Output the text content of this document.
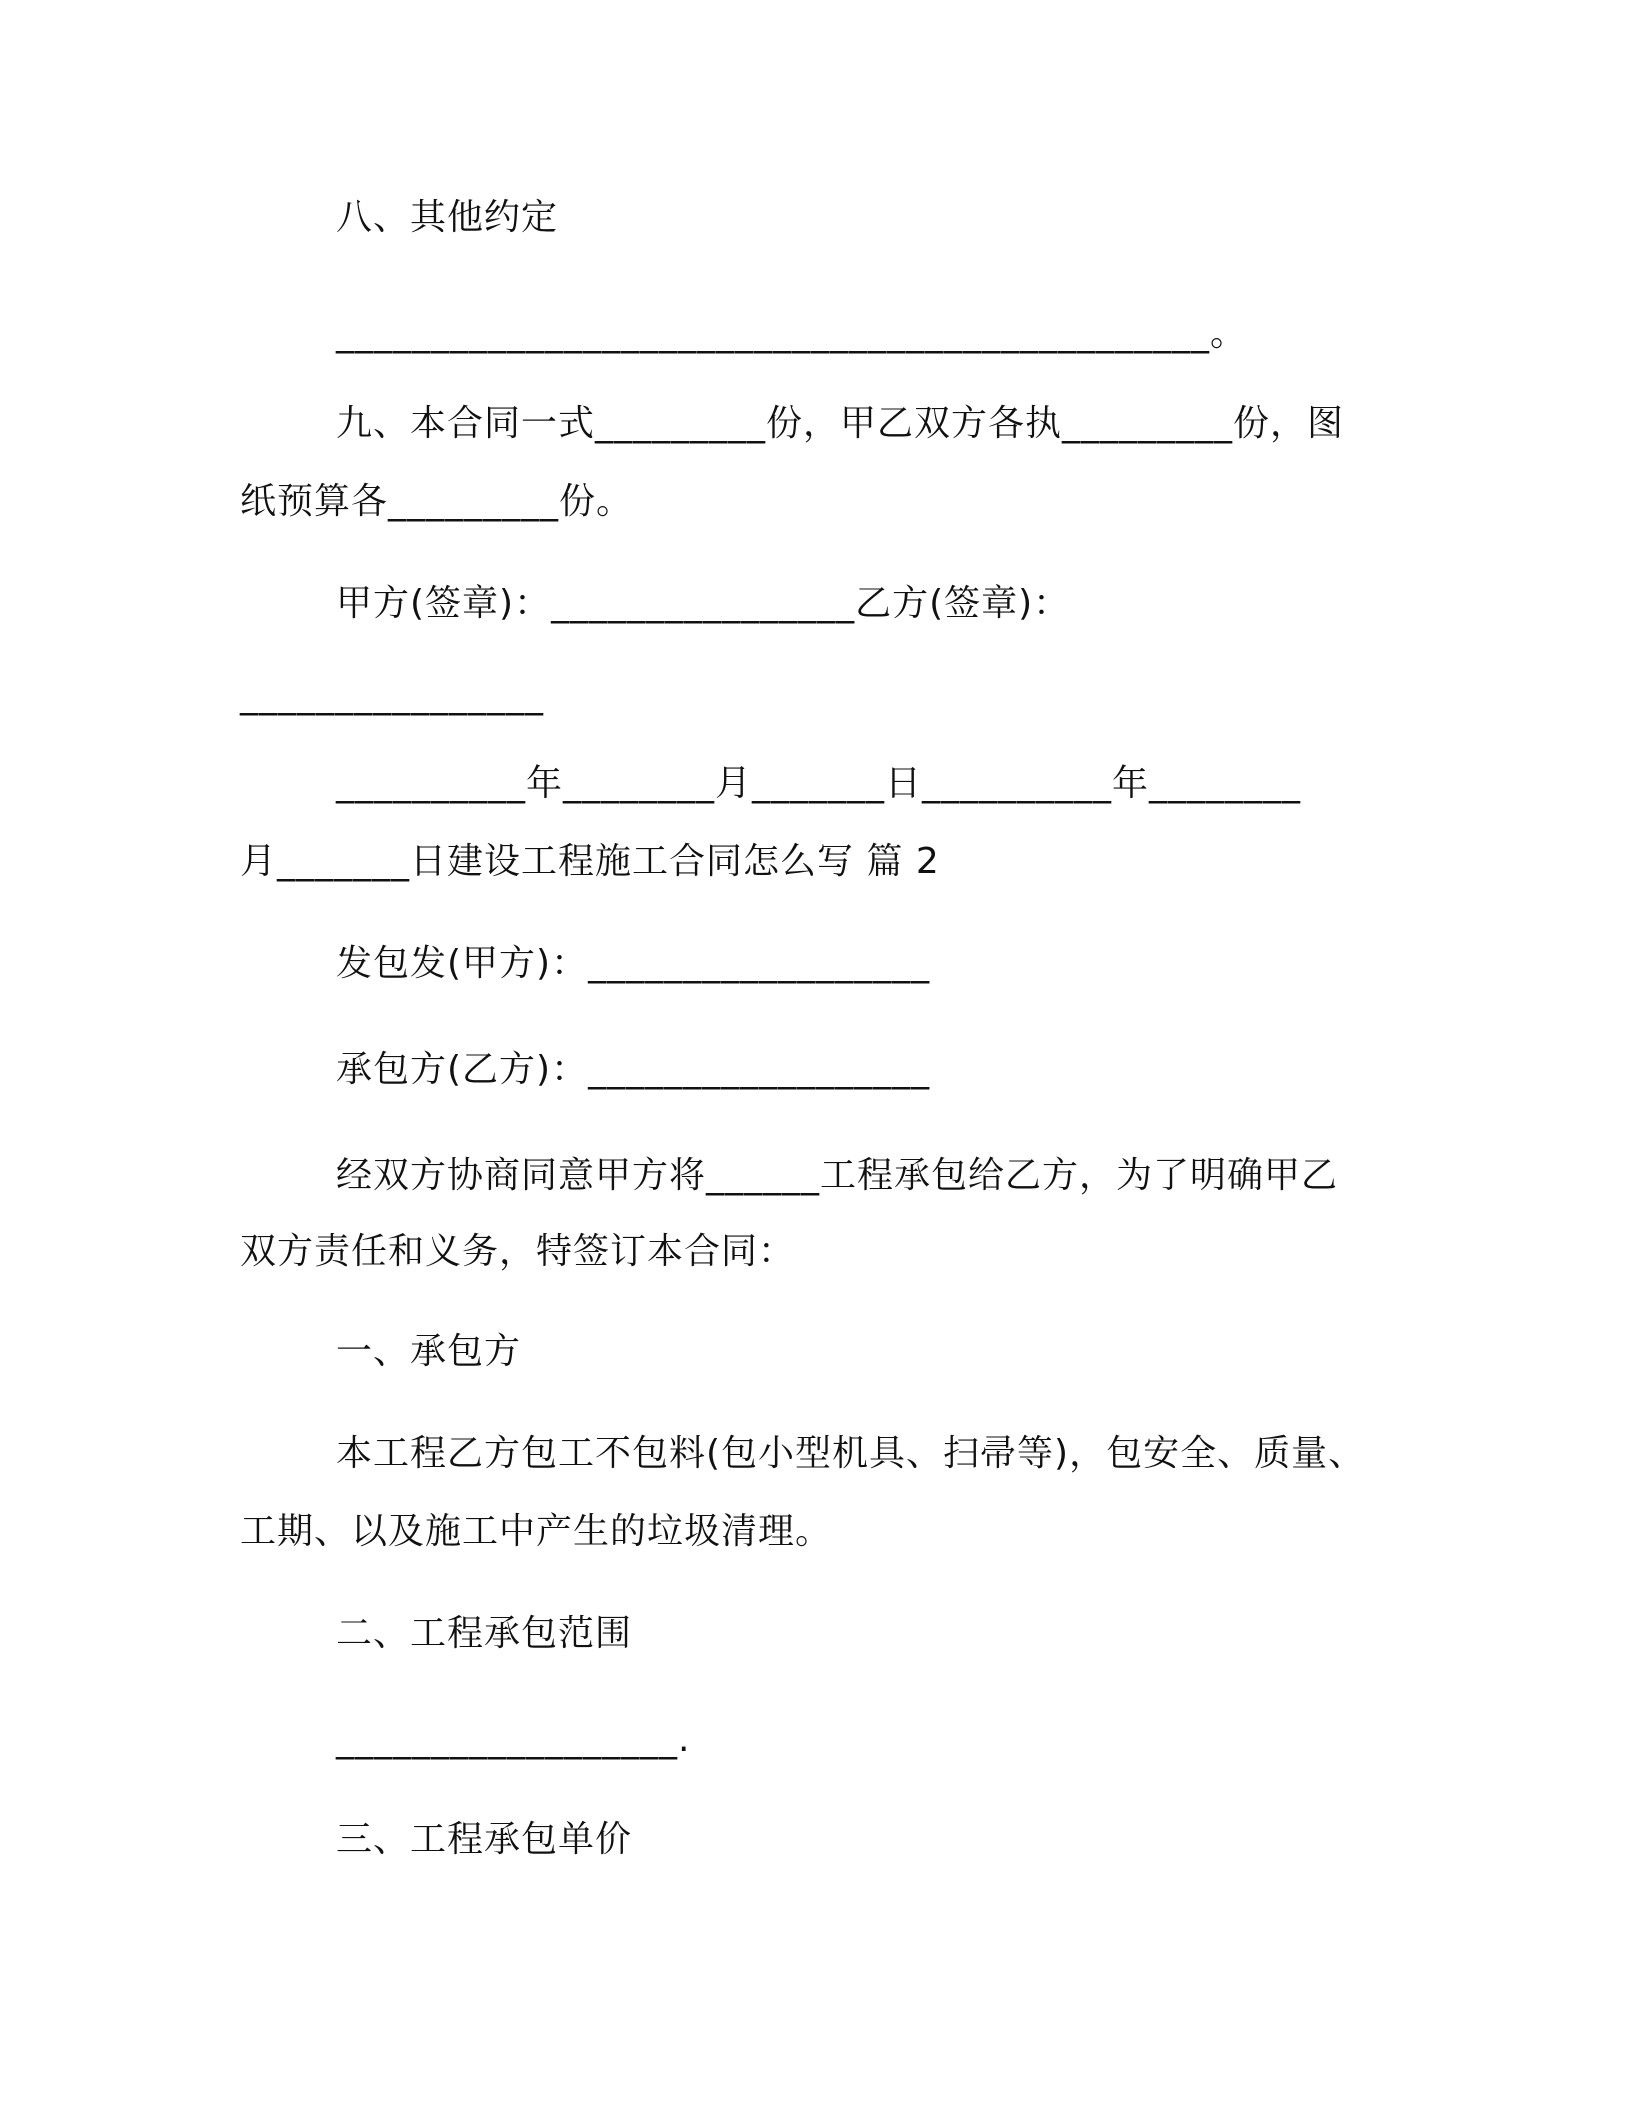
八、其他约定
______________________________________________。
九、本合同一式_________份，甲乙双方各执_________份，图
纸预算各_________份。
甲方(签章)：________________乙方(签章)：
________________
__________年________月_______日__________年________
月_______日建设工程施工合同怎么写 篇 2
发包发(甲方)：__________________
承包方(乙方)：__________________
经双方协商同意甲方将______工程承包给乙方，为了明确甲乙
双方责任和义务，特签订本合同：
一、承包方
本工程乙方包工不包料(包小型机具、扫帚等)，包安全、质量、
工期、以及施工中产生的垃圾清理。
二、工程承包范围
__________________.
三、工程承包单价
